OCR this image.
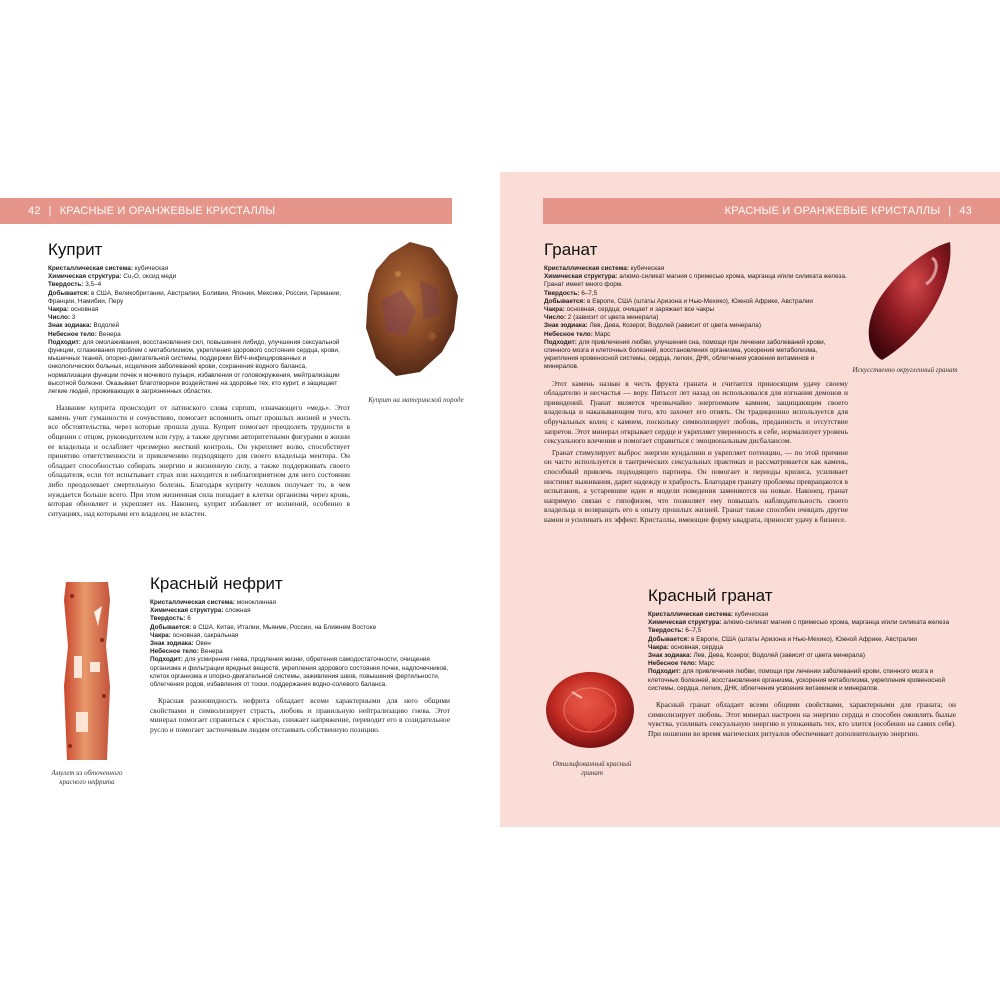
42 | КРАСНЫЕ И ОРАНЖЕВЫЕ КРИСТАЛЛЫ
Куприт
Кристаллическая система: кубическая
Химическая структура: Cu₂O, оксид меди
Твердость: 3,5–4
Добывается: в США, Великобритании, Австралии, Боливии, Японии, Мексике, России, Германии, Франции, Намибии, Перу
Чакра: основная
Число: 3
Знак зодиака: Водолей
Небесное тело: Венера
Подходит: для омолаживания, восстановления сил, повышения либидо, улучшения сексуальной функции, сглаживания проблем с метаболизмом, укрепления здорового состояния сердца, крови, мышечных тканей, опорно-двигательной системы, поддержки ВИЧ-инфицированных и онкологических больных, исцеления заболеваний крови, сохранения водного баланса, нормализации функции почек и мочевого пузыря, избавления от головокружения, мейтрализации высотной болезни. Оказывает благотворное воздействие на здоровье тех, кто курит, и защищает легкие людей, проживающих в загрязненных областях.

Название куприта происходит от латинского слова cuprum, означающего «медь». Этот камень учит гуманности и сочувствию, помогает вспомнить опыт прошлых жизней и учесть все обстоятельства, через которые прошла душа. Куприт помогает преодолеть трудности в общении с отцом, руководителем или гуру, а также другими авторитетными фигурами в жизни ее владельца и ослабляет чрезмерно жесткий контроль. Он укрепляет волю, способствует принятию ответственности и привлечению подходящего для своего владельца ментора. Он обладает способностью собирать энергию и жизненную силу, а также поддерживать своего обладателя, если тот испытывает страх или находится в неблагоприятном для него состоянии либо преодолевает смертельную болезнь. Благодаря куприту человек получает то, в чем нуждается больше всего. При этом жизненная сила попадает в клетки организма через кровь, которая обновляет и укрепляет их. Наконец, куприт избавляет от волнений, особенно в ситуациях, над которыми его владелец не властен.

Куприт на материнской породе
Амулет из обточенного красного нефрита
Красный нефрит
Кристаллическая система: моноклинная
Химическая структура: сложная
Твердость: 6
Добывается: в США, Китае, Италии, Мьянме, России, на Ближнем Востоке
Чакра: основная, сакральная
Знак зодиака: Овен
Небесное тело: Венера
Подходит: для усмирения гнева, продления жизни, обретения самодостаточности, очищения организма и фильтрации вредных веществ, укрепления здорового состояния почек, надпочечников, клеток организма и опорно-двигательной системы, заживления швов, повышения фертильности, облегчения родов, избавления от тоски, поддержания водно-солевого баланса.

Красная разновидность нефрита обладает всеми характерными для него общими свойствами и символизирует страсть, любовь и правильную нейтрализацию гнева. Этот минерал помогает справиться с яростью, снижает напряжение, переводит его в созидательное русло и помогает застенчивым людям отстаивать собственную позицию.

КРАСНЫЕ И ОРАНЖЕВЫЕ КРИСТАЛЛЫ | 43
Гранат
Кристаллическая система: кубическая
Химическая структура: алюмо-силикат магния с примесью хрома, марганца и/или силиката железа. Гранат имеет много форм.
Твердость: 6–7,5
Добывается: в Европе, США (штаты Аризона и Нью-Мехико), Южной Африке, Австралии
Чакра: основная, сердца; очищает и заряжает все чакры
Число: 2 (зависит от цвета минерала)
Знак зодиака: Лев, Дева, Козерог, Водолей (зависит от цвета минерала)
Небесное тело: Марс
Подходит: для привлечения любви, улучшения сна, помощи при лечении заболеваний крови, спинного мозга и клеточных болезней, восстановления организма, ускорения метаболизма, укрепления кровеносной системы, сердца, легких, ДНК, облегчения усвоения витаминов и минералов.

Этот камень назван в честь фрукта граната и считается приносящим удачу своему обладателю и несчастья — вору. Пятьсот лет назад он использовался для изгнания демонов и привидений. Гранат является чрезвычайно энергоемким камнем, защищающим своего владельца и наказывающим того, кто захочет его отнять. Он традиционно используется для обручальных колец с камнем, поскольку символизирует любовь, преданность и отсутствие запретов. Этот минерал открывает сердце и укрепляет уверенность в себе, нормализует уровень сексуального влечения и помогает справиться с эмоциональным дисбалансом.

Гранат стимулирует выброс энергии кундалини и укрепляет потенцию, — по этой причине он часто используется в тантрических сексуальных практиках и рассматривается как камень, способный привлечь подходящего партнера. Он помогает в периоды кризиса, усиливает инстинкт выживания, дарит надежду и храбрость. Благодаря гранату проблемы превращаются в испытания, а устаревшие идеи и модели поведения заменяются на новые. Наконец, гранат напрямую связан с гипофизом, что позволяет ему повышать наблюдательность своего владельца и возвращать его к опыту прошлых жизней. Гранат также способен очищать другие камни и усиливать их эффект. Кристаллы, имеющие форму квадрата, приносят удачу в бизнесе.

Искусственно округленный гранат
Отшлифованный красный гранат
Красный гранат
Кристаллическая система: кубическая
Химическая структура: алюмо-силикат магния с примесью хрома, марганца и/или силиката железа
Твердость: 6–7,5
Добывается: в Европе, США (штаты Аризона и Нью-Мехико), Южной Африке, Австралии
Чакра: основная, сердца
Знак зодиака: Лев, Дева, Козерог, Водолей (зависит от цвета минерала)
Небесное тело: Марс
Подходит: для привлечения любви, помощи при лечении заболеваний крови, спинного мозга и клеточных болезней, восстановления организма, ускорения метаболизма, укрепления кровеносной системы, сердца, легких, ДНК, облегчения усвоения витаминов и минералов.

Красный гранат обладает всеми общими свойствами, характерными для граната; он символизирует любовь. Этот минерал настроен на энергию сердца и способен оживлять былые чувства, усиливать сексуальную энергию и упокаивать тех, кто злится (особенно на самих себя). При ношении во время магических ритуалов обеспечивает дополнительную энергию.
